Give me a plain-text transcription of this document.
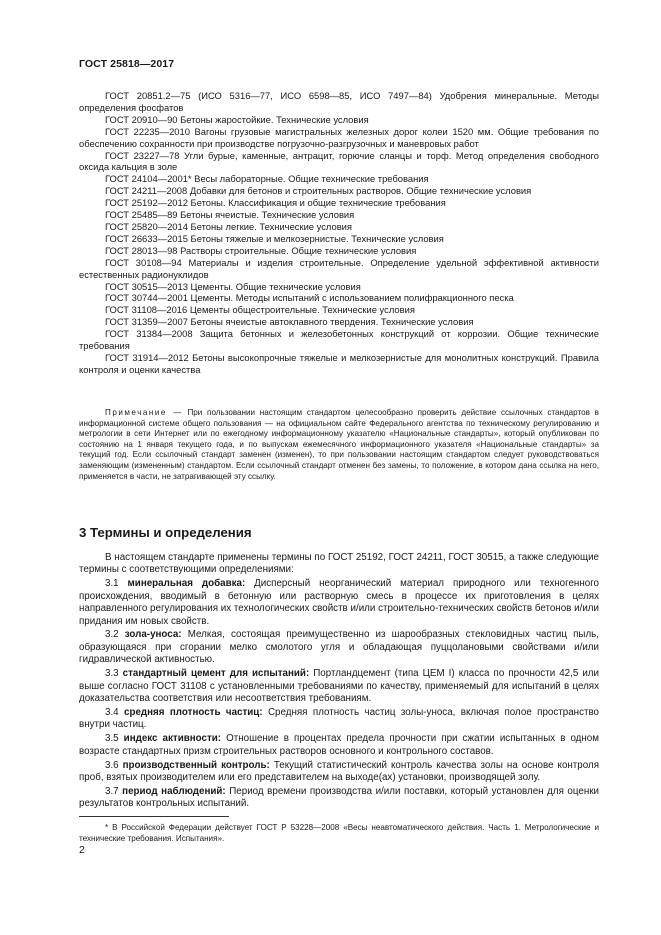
ГОСТ 25818—2017

ГОСТ 20851.2—75 (ИСО 5316—77, ИСО 6598—85, ИСО 7497—84) Удобрения минеральные. Методы определения фосфатов

ГОСТ 20910—90 Бетоны жаростойкие. Технические условия

ГОСТ 22235—2010 Вагоны грузовые магистральных железных дорог колеи 1520 мм. Общие требования по обеспечению сохранности при производстве погрузочно-разгрузочных и маневровых работ

ГОСТ 23227—78 Угли бурые, каменные, антрацит, горючие сланцы и торф. Метод определения свободного оксида кальция в золе

ГОСТ 24104—2001* Весы лабораторные. Общие технические требования

ГОСТ 24211—2008 Добавки для бетонов и строительных растворов. Общие технические условия

ГОСТ 25192—2012 Бетоны. Классификация и общие технические требования

ГОСТ 25485—89 Бетоны ячеистые. Технические условия

ГОСТ 25820—2014 Бетоны легкие. Технические условия

ГОСТ 26633—2015 Бетоны тяжелые и мелкозернистые. Технические условия

ГОСТ 28013—98 Растворы строительные. Общие технические условия

ГОСТ 30108—94 Материалы и изделия строительные. Определение удельной эффективной активности естественных радионуклидов

ГОСТ 30515—2013 Цементы. Общие технические условия

ГОСТ 30744—2001 Цементы. Методы испытаний с использованием полифракционного песка

ГОСТ 31108—2016 Цементы общестроительные. Технические условия

ГОСТ 31359—2007 Бетоны ячеистые автоклавного твердения. Технические условия

ГОСТ 31384—2008 Защита бетонных и железобетонных конструкций от коррозии. Общие технические требования

ГОСТ 31914—2012 Бетоны высокопрочные тяжелые и мелкозернистые для монолитных конструкций. Правила контроля и оценки качества

Примечание — При пользовании настоящим стандартом целесообразно проверить действие ссылочных стандартов в информационной системе общего пользования — на официальном сайте Федерального агентства по техническому регулированию и метрологии в сети Интернет или по ежегодному информационному указателю «Национальные стандарты», который опубликован по состоянию на 1 января текущего года, и по выпускам ежемесячного информационного указателя «Национальные стандарты» за текущий год. Если ссылочный стандарт заменен (изменен), то при пользовании настоящим стандартом следует руководствоваться заменяющим (измененным) стандартом. Если ссылочный стандарт отменен без замены, то положение, в котором дана ссылка на него, применяется в части, не затрагивающей эту ссылку.

3 Термины и определения

В настоящем стандарте применены термины по ГОСТ 25192, ГОСТ 24211, ГОСТ 30515, а также следующие термины с соответствующими определениями:

3.1 минеральная добавка: Дисперсный неорганический материал природного или техногенного происхождения, вводимый в бетонную или растворную смесь в процессе их приготовления в целях направленного регулирования их технологических свойств и/или строительно-технических свойств бетонов и/или придания им новых свойств.

3.2 зола-уноса: Мелкая, состоящая преимущественно из шарообразных стекловидных частиц пыль, образующаяся при сгорании мелко смолотого угля и обладающая пуццолановыми свойствами и/или гидравлической активностью.

3.3 стандартный цемент для испытаний: Портландцемент (типа ЦЕМ I) класса по прочности 42,5 или выше согласно ГОСТ 31108 с установленными требованиями по качеству, применяемый для испытаний в целях доказательства соответствия или несоответствия требованиям.

3.4 средняя плотность частиц: Средняя плотность частиц золы-уноса, включая полое пространство внутри частиц.

3.5 индекс активности: Отношение в процентах предела прочности при сжатии испытанных в одном возрасте стандартных призм строительных растворов основного и контрольного составов.

3.6 производственный контроль: Текущий статистический контроль качества золы на основе контроля проб, взятых производителем или его представителем на выходе(ах) установки, производящей золу.

3.7 период наблюдений: Период времени производства и/или поставки, который установлен для оценки результатов контрольных испытаний.

* В Российской Федерации действует ГОСТ Р 53228—2008 «Весы неавтоматического действия. Часть 1. Метрологические и технические требования. Испытания».

2
